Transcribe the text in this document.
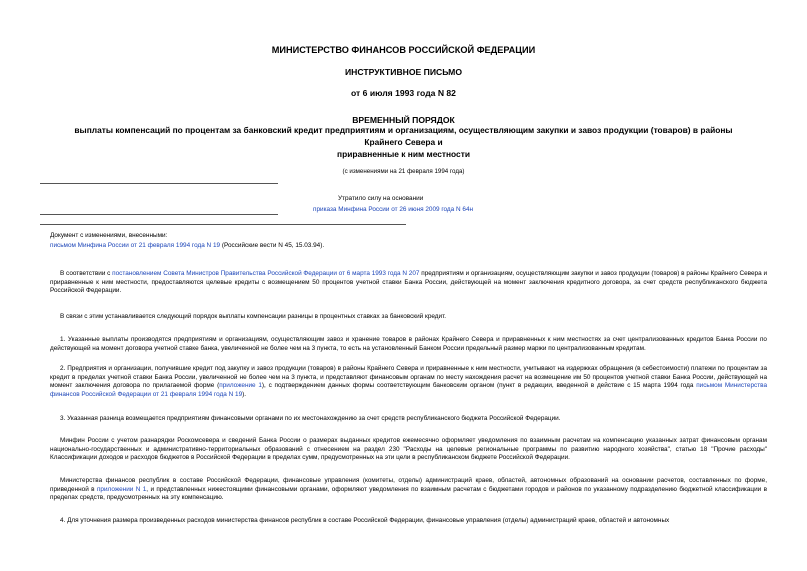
МИНИСТЕРСТВО ФИНАНСОВ РОССИЙСКОЙ ФЕДЕРАЦИИ
ИНСТРУКТИВНОЕ ПИСЬМО
от 6 июля 1993 года N 82
ВРЕМЕННЫЙ ПОРЯДОК
выплаты компенсаций по процентам за банковский кредит предприятиям и организациям, осуществляющим закупки и завоз продукции (товаров) в районы
Крайнего Севера и
приравненные к ним местности
(с изменениями на 21 февраля 1994 года)
Утратило силу на основании
приказа Минфина России от 26 июня 2009 года N 64н
Документ с изменениями, внесенными:
письмом Минфина России от 21 февраля 1994 года N 19 (Российские вести N 45, 15.03.94).
В соответствии с постановлением Совета Министров Правительства Российской Федерации от 6 марта 1993 года N 207 предприятиям и организациям, осуществляющим закупки и завоз продукции (товаров) в районы Крайнего Севера и приравненные к ним местности, предоставляются целевые кредиты с возмещением 50 процентов учетной ставки Банка России, действующей на момент заключения кредитного договора, за счет средств республиканского бюджета Российской Федерации.
В связи с этим устанавливается следующий порядок выплаты компенсации разницы в процентных ставках за банковский кредит.
1. Указанные выплаты производятся предприятиям и организациям, осуществляющим завоз и хранение товаров в районах Крайнего Севера и приравненных к ним местностях за счет централизованных кредитов Банка России по действующей на момент договора учетной ставке банка, увеличенной не более чем на 3 пункта, то есть на установленный Банком России предельный размер маржи по централизованным кредитам.
2. Предприятия и организации, получившие кредит под закупку и завоз продукции (товаров) в районы Крайнего Севера и приравненные к ним местности, учитывают на издержках обращения (в себестоимости) платежи по процентам за кредит в пределах учетной ставки Банка России, увеличенной не более чем на 3 пункта, и представляют финансовым органам по месту нахождения расчет на возмещение им 50 процентов учетной ставки Банка России, действующей на момент заключения договора по прилагаемой форме (приложение 1), с подтверждением данных формы соответствующим банковским органом (пункт в редакции, введенной в действие с 15 марта 1994 года письмом Министерства финансов Российской Федерации от 21 февраля 1994 года N 19).
3. Указанная разница возмещается предприятиям финансовыми органами по их местонахождению за счет средств республиканского бюджета Российской Федерации.
Минфин России с учетом разнарядки Роскомсевера и сведений Банка России о размерах выданных кредитов ежемесячно оформляет уведомления по взаимным расчетам на компенсацию указанных затрат финансовым органам национально-государственных и административно-территориальных образований с отнесением на раздел 230 "Расходы на целевые региональные программы по развитию народного хозяйства", статью 18 "Прочие расходы" Классификации доходов и расходов бюджетов в Российской Федерации в пределах сумм, предусмотренных на эти цели в республиканском бюджете Российской Федерации.
Министерства финансов республик в составе Российской Федерации, финансовые управления (комитеты, отделы) администраций краев, областей, автономных образований на основании расчетов, составленных по форме, приведенной в приложении N 1, и представленных нижестоящими финансовыми органами, оформляют уведомления по взаимным расчетам с бюджетами городов и районов по указанному подразделению бюджетной классификации в пределах средств, предусмотренных на эту компенсацию.
4. Для уточнения размера произведенных расходов министерства финансов республик в составе Российской Федерации, финансовые управления (отделы) администраций краев, областей и автономных
